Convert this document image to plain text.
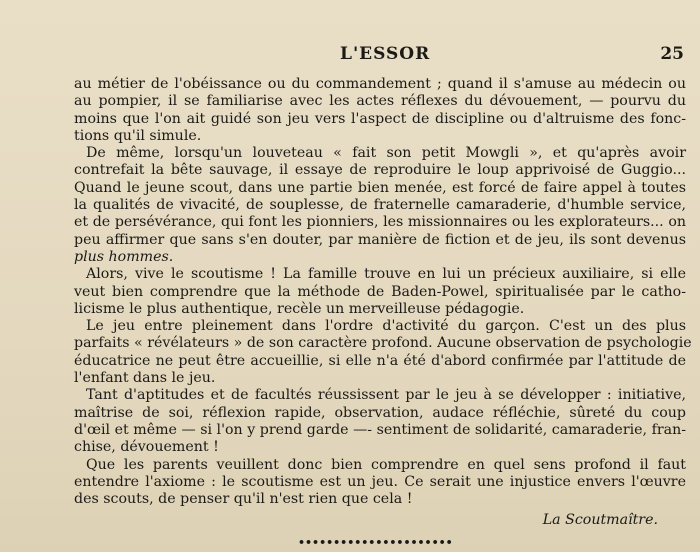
L'ESSOR	25
au métier de l'obéissance ou du commandement ; quand il s'amuse au médecin ou
au pompier, il se familiarise avec les actes réflexes du dévouement, — pourvu du
moins que l'on ait guidé son jeu vers l'aspect de discipline ou d'altruisme des fonc-
tions qu'il simule.
De même, lorsqu'un louveteau « fait son petit Mowgli », et qu'après avoir
contrefait la bête sauvage, il essaye de reproduire le loup apprivoisé de Guggio...
Quand le jeune scout, dans une partie bien menée, est forcé de faire appel à toutes
la qualités de vivacité, de souplesse, de fraternelle camaraderie, d'humble service,
et de persévérance, qui font les pionniers, les missionnaires ou les explorateurs... on
peu affirmer que sans s'en douter, par manière de fiction et de jeu, ils sont devenus
plus hommes.
Alors, vive le scoutisme ! La famille trouve en lui un précieux auxiliaire, si elle
veut bien comprendre que la méthode de Baden-Powel, spiritualisée par le catho-
licisme le plus authentique, recèle un merveilleuse pédagogie.
Le jeu entre pleinement dans l'ordre d'activité du garçon. C'est un des plus
parfaits « révélateurs » de son caractère profond. Aucune observation de psychologie
éducatrice ne peut être accueillie, si elle n'a été d'abord confirmée par l'attitude de
l'enfant dans le jeu.
Tant d'aptitudes et de facultés réussissent par le jeu à se développer : initiative,
maîtrise de soi, réflexion rapide, observation, audace réfléchie, sûreté du coup
d'œil et même — si l'on y prend garde —- sentiment de solidarité, camaraderie, fran-
chise, dévouement !
Que les parents veuillent donc bien comprendre en quel sens profond il faut
entendre l'axiome : le scoutisme est un jeu. Ce serait une injustice envers l'œuvre
des scouts, de penser qu'il n'est rien que cela !
La Scoutmaître.
••••••••••••••••••••••
